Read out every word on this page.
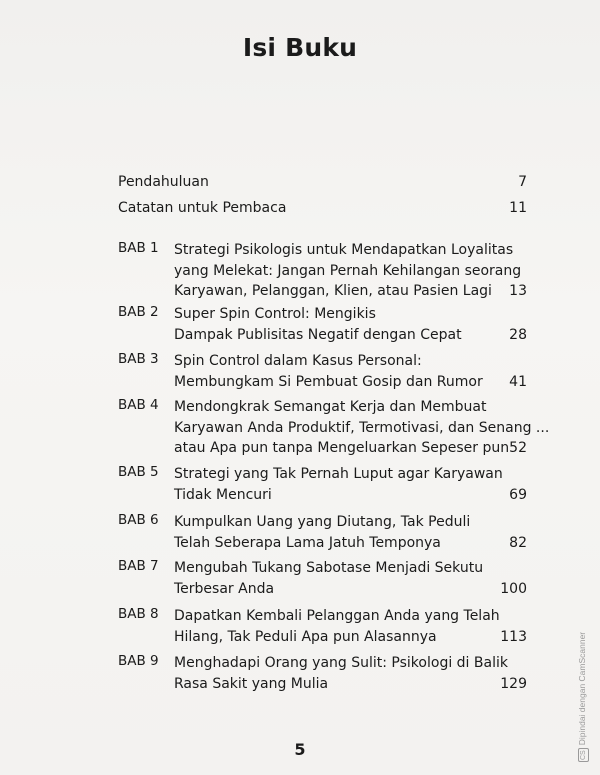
Isi Buku
Pendahuluan	7
Catatan untuk Pembaca	11
BAB 1 Strategi Psikologis untuk Mendapatkan Loyalitas
yang Melekat: Jangan Pernah Kehilangan seorang
Karyawan, Pelanggan, Klien, atau Pasien Lagi 13
BAB 2 Super Spin Control: Mengikis
Dampak Publisitas Negatif dengan Cepat	28
BAB 3 Spin Control dalam Kasus Personal:
Membungkam Si Pembuat Gosip dan Rumor 41
BAB 4 Mendongkrak Semangat Kerja dan Membuat
Karyawan Anda Produktif, Termotivasi, dan Senang ...
atau Apa pun tanpa Mengeluarkan Sepeser pun 52
BAB 5 Strategi yang Tak Pernah Luput agar Karyawan
Tidak Mencuri	69
BAB 6 Kumpulkan Uang yang Diutang, Tak Peduli
Telah Seberapa Lama Jatuh Temponya	82
BAB 7 Mengubah Tukang Sabotase Menjadi Sekutu
Terbesar Anda	100
BAB 8 Dapatkan Kembali Pelanggan Anda yang Telah
Hilang, Tak Peduli Apa pun Alasannya	113
BAB 9 Menghadapi Orang yang Sulit: Psikologi di Balik
Rasa Sakit yang Mulia	129
5	CSDipindai dengan CamScanner
